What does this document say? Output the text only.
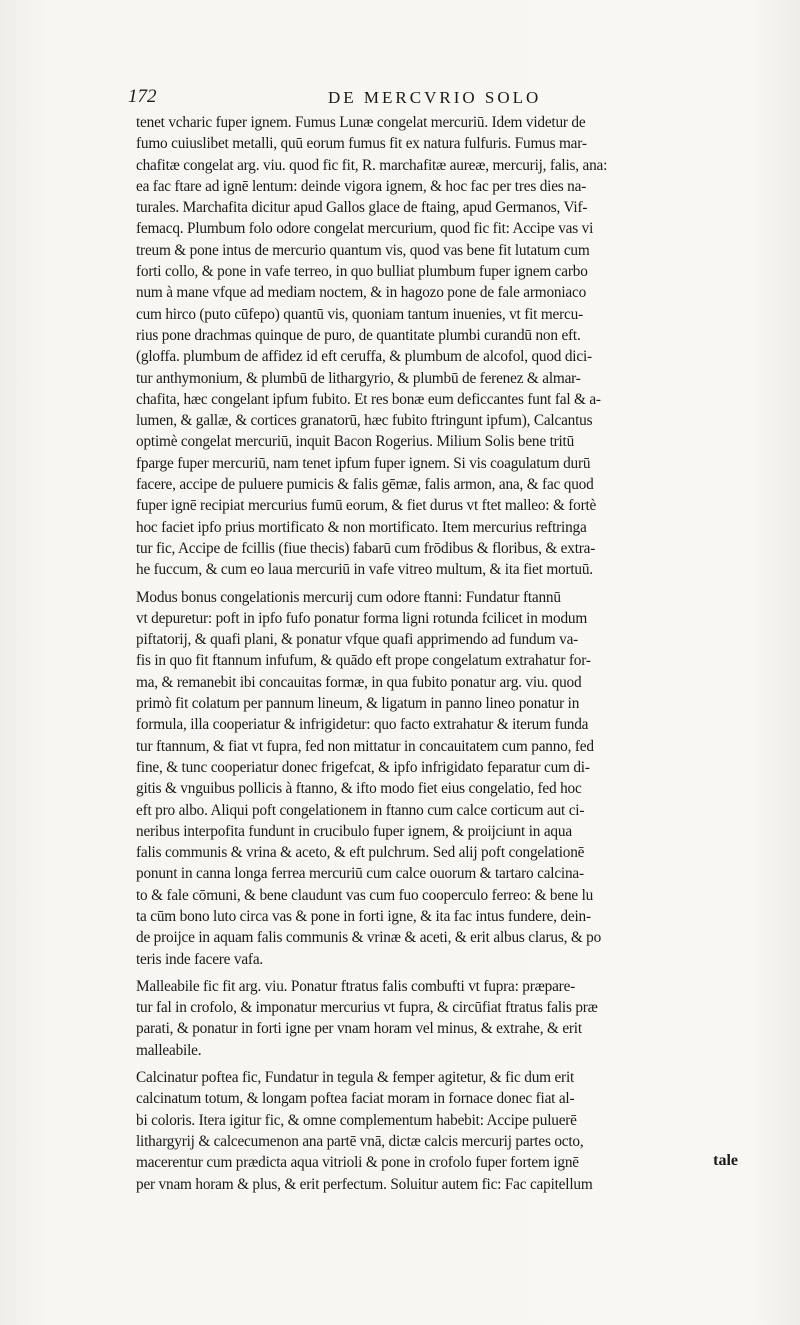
172	DE MERCVRIO SOLO
tenet vcharic fuper ignem. Fumus Lunæ congelat mercuriū. Idem videtur de
fumo cuiuslibet metalli, quū eorum fumus fit ex natura fulfuris. Fumus mar-
chafitæ congelat arg. viu. quod fic fit, R. marchafitæ aureæ, mercurij, falis, ana:
ea fac ftare ad ignē lentum: deinde vigora ignem, & hoc fac per tres dies na-
turales. Marchafita dicitur apud Gallos glace de ftaing, apud Germanos, Vif-
femacq. Plumbum folo odore congelat mercurium, quod fic fit: Accipe vas vi
treum & pone intus de mercurio quantum vis, quod vas bene fit lutatum cum
forti collo, & pone in vafe terreo, in quo bulliat plumbum fuper ignem carbo
num à mane vfque ad mediam noctem, & in hagozo pone de fale armoniaco
cum hirco (puto cūfepo) quantū vis, quoniam tantum inuenies, vt fit mercu-
rius pone drachmas quinque de puro, de quantitate plumbi curandū non eft.
(gloffa. plumbum de affidez id eft ceruffa, & plumbum de alcofol, quod dici-
tur anthymonium, & plumbū de lithargyrio, & plumbū de ferenez & almar-
chafita, hæc congelant ipfum fubito. Et res bonæ eum deficcantes funt fal & a-
lumen, & gallæ, & cortices granatorū, hæc fubito ftringunt ipfum), Calcantus
optimè congelat mercuriū, inquit Bacon Rogerius. Milium Solis bene tritū
fparge fuper mercuriū, nam tenet ipfum fuper ignem. Si vis coagulatum durū
facere, accipe de puluere pumicis & falis gēmæ, falis armon, ana, & fac quod
fuper ignē recipiat mercurius fumū eorum, & fiet durus vt ftet malleo: & fortè
hoc faciet ipfo prius mortificato & non mortificato. Item mercurius reftringa
tur fic, Accipe de fcillis (fiue thecis) fabarū cum frōdibus & floribus, & extra-
he fuccum, & cum eo laua mercuriū in vafe vitreo multum, & ita fiet mortuū.
Modus bonus congelationis mercurij cum odore ftanni: Fundatur ftannū
vt depuretur: poft in ipfo fufo ponatur forma ligni rotunda fcilicet in modum
piftatorij, & quafi plani, & ponatur vfque quafi apprimendo ad fundum va-
fis in quo fit ftannum infufum, & quādo eft prope congelatum extrahatur for-
ma, & remanebit ibi concauitas formæ, in qua fubito ponatur arg. viu. quod
primò fit colatum per pannum lineum, & ligatum in panno lineo ponatur in
formula, illa cooperiatur & infrigidetur: quo facto extrahatur & iterum funda
tur ftannum, & fiat vt fupra, fed non mittatur in concauitatem cum panno, fed
fine, & tunc cooperiatur donec frigefcat, & ipfo infrigidato feparatur cum di-
gitis & vnguibus pollicis à ftanno, & ifto modo fiet eius congelatio, fed hoc
eft pro albo. Aliqui poft congelationem in ftanno cum calce corticum aut ci-
neribus interpofita fundunt in crucibulo fuper ignem, & proijciunt in aqua
falis communis & vrina & aceto, & eft pulchrum. Sed alij poft congelationē
ponunt in canna longa ferrea mercuriū cum calce ouorum & tartaro calcina-
to & fale cōmuni, & bene claudunt vas cum fuo cooperculo ferreo: & bene lu
ta cūm bono luto circa vas & pone in forti igne, & ita fac intus fundere, dein-
de proijce in aquam falis communis & vrinæ & aceti, & erit albus clarus, & po
teris inde facere vafa.
Malleabile fic fit arg. viu. Ponatur ftratus falis combufti vt fupra: præpare-
tur fal in crofolo, & imponatur mercurius vt fupra, & circūfiat ftratus falis præ
parati, & ponatur in forti igne per vnam horam vel minus, & extrahe, & erit
malleabile.
Calcinatur poftea fic, Fundatur in tegula & femper agitetur, & fic dum erit
calcinatum totum, & longam poftea faciat moram in fornace donec fiat al-
bi coloris. Itera igitur fic, & omne complementum habebit: Accipe puluerē
lithargyrij & calcecumenon ana partē vnā, dictæ calcis mercurij partes octo,
macerentur cum prædicta aqua vitrioli & pone in crofolo fuper fortem ignē
per vnam horam & plus, & erit perfectum. Soluitur autem fic: Fac capitellum
tale
